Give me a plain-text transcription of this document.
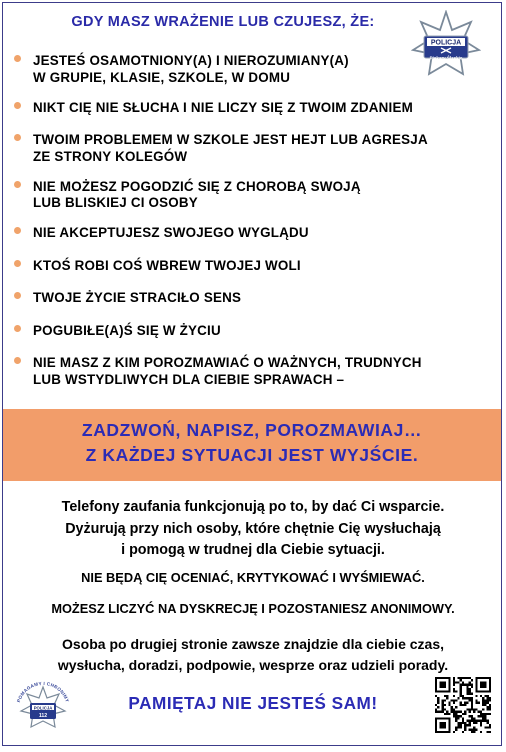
GDY MASZ WRAŻENIE LUB CZUJESZ, ŻE:
POLICJA
Piekary Śląskie
JESTEŚ OSAMOTNIONY(A) I NIEROZUMIANY(A)
W GRUPIE, KLASIE, SZKOLE, W DOMU
NIKT CIĘ NIE SŁUCHA I NIE LICZY SIĘ Z TWOIM ZDANIEM
TWOIM PROBLEMEM W SZKOLE JEST HEJT LUB AGRESJA
ZE STRONY KOLEGÓW
NIE MOŻESZ POGODZIĆ SIĘ Z CHOROBĄ SWOJĄ
LUB BLISKIEJ CI OSOBY
NIE AKCEPTUJESZ SWOJEGO WYGLĄDU
KTOŚ ROBI COŚ WBREW TWOJEJ WOLI
TWOJE ŻYCIE STRACIŁO SENS
POGUBIŁE(A)Ś SIĘ W ŻYCIU
NIE MASZ Z KIM POROZMAWIAĆ O WAŻNYCH, TRUDNYCH
LUB WSTYDLIWYCH DLA CIEBIE SPRAWACH –
ZADZWOŃ, NAPISZ, POROZMAWIAJ…
Z KAŻDEJ SYTUACJI JEST WYJŚCIE.
Telefony zaufania funkcjonują po to, by dać Ci wsparcie.
Dyżurują przy nich osoby, które chętnie Cię wysłuchają
i pomogą w trudnej dla Ciebie sytuacji.
NIE BĘDĄ CIĘ OCENIAĆ, KRYTYKOWAĆ I WYŚMIEWAĆ.
MOŻESZ LICZYĆ NA DYSKRECJĘ I POZOSTANIESZ ANONIMOWY.
Osoba po drugiej stronie zawsze znajdzie dla ciebie czas,
wysłucha, doradzi, podpowie, wesprze oraz udzieli porady.
POMAGAMY I CHRONIMY
POLICJA
112
PAMIĘTAJ NIE JESTEŚ SAM!
